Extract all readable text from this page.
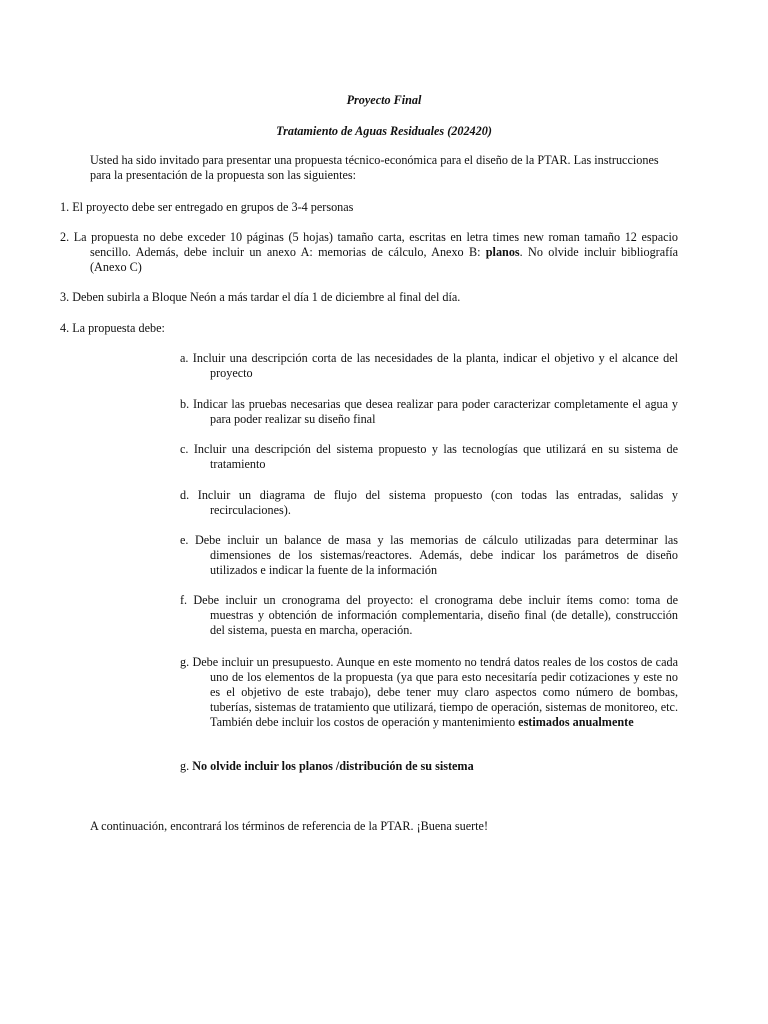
Proyecto Final
Tratamiento de Aguas Residuales (202420)
Usted ha sido invitado para presentar una propuesta técnico-económica para el diseño de la PTAR. Las instrucciones para la presentación de la propuesta son las siguientes:
1. El proyecto debe ser entregado en grupos de 3-4 personas
2. La propuesta no debe exceder 10 páginas (5 hojas) tamaño carta, escritas en letra times new roman tamaño 12 espacio sencillo. Además, debe incluir un anexo A: memorias de cálculo, Anexo B: planos. No olvide incluir bibliografía (Anexo C)
3. Deben subirla a Bloque Neón a más tardar el día 1 de diciembre al final del día.
4. La propuesta debe:
a. Incluir una descripción corta de las necesidades de la planta, indicar el objetivo y el alcance del proyecto
b. Indicar las pruebas necesarias que desea realizar para poder caracterizar completamente el agua y para poder realizar su diseño final
c. Incluir una descripción del sistema propuesto y las tecnologías que utilizará en su sistema de tratamiento
d. Incluir un diagrama de flujo del sistema propuesto (con todas las entradas, salidas y recirculaciones).
e. Debe incluir un balance de masa y las memorias de cálculo utilizadas para determinar las dimensiones de los sistemas/reactores. Además, debe indicar los parámetros de diseño utilizados e indicar la fuente de la información
f. Debe incluir un cronograma del proyecto: el cronograma debe incluir ítems como: toma de muestras y obtención de información complementaria, diseño final (de detalle), construcción del sistema, puesta en marcha, operación.
g. Debe incluir un presupuesto. Aunque en este momento no tendrá datos reales de los costos de cada uno de los elementos de la propuesta (ya que para esto necesitaría pedir cotizaciones y este no es el objetivo de este trabajo), debe tener muy claro aspectos como número de bombas, tuberías, sistemas de tratamiento que utilizará, tiempo de operación, sistemas de monitoreo, etc. También debe incluir los costos de operación y mantenimiento estimados anualmente
g. No olvide incluir los planos /distribución de su sistema
A continuación, encontrará los términos de referencia de la PTAR. ¡Buena suerte!
